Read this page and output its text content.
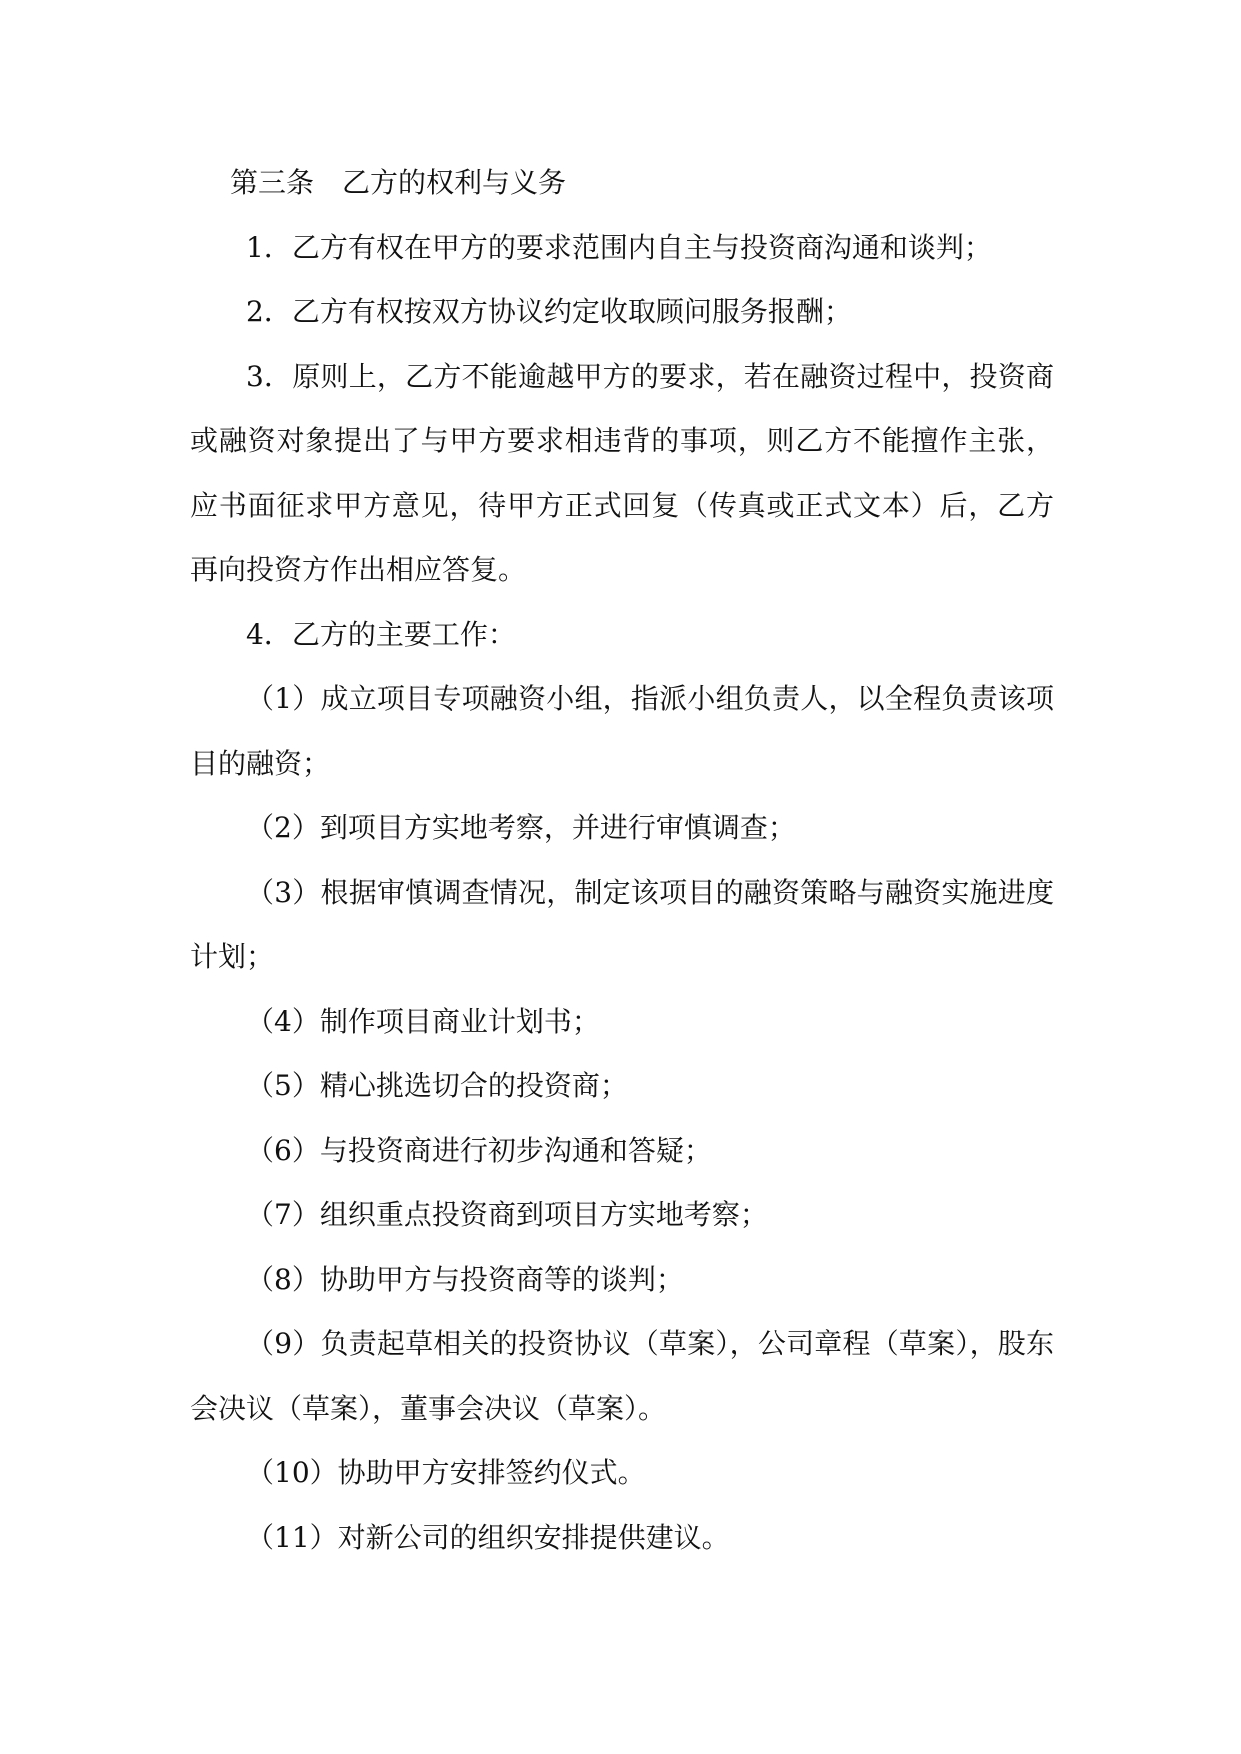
第三条　乙方的权利与义务

1．乙方有权在甲方的要求范围内自主与投资商沟通和谈判；

2．乙方有权按双方协议约定收取顾问服务报酬；

3．原则上，乙方不能逾越甲方的要求，若在融资过程中，投资商或融资对象提出了与甲方要求相违背的事项，则乙方不能擅作主张，应书面征求甲方意见，待甲方正式回复（传真或正式文本）后，乙方再向投资方作出相应答复。

4．乙方的主要工作：

（1）成立项目专项融资小组，指派小组负责人，以全程负责该项目的融资；

（2）到项目方实地考察，并进行审慎调查；

（3）根据审慎调查情况，制定该项目的融资策略与融资实施进度计划；

（4）制作项目商业计划书；

（5）精心挑选切合的投资商；

（6）与投资商进行初步沟通和答疑；

（7）组织重点投资商到项目方实地考察；

（8）协助甲方与投资商等的谈判；

（9）负责起草相关的投资协议（草案），公司章程（草案），股东会决议（草案），董事会决议（草案）。

（10）协助甲方安排签约仪式。

（11）对新公司的组织安排提供建议。
